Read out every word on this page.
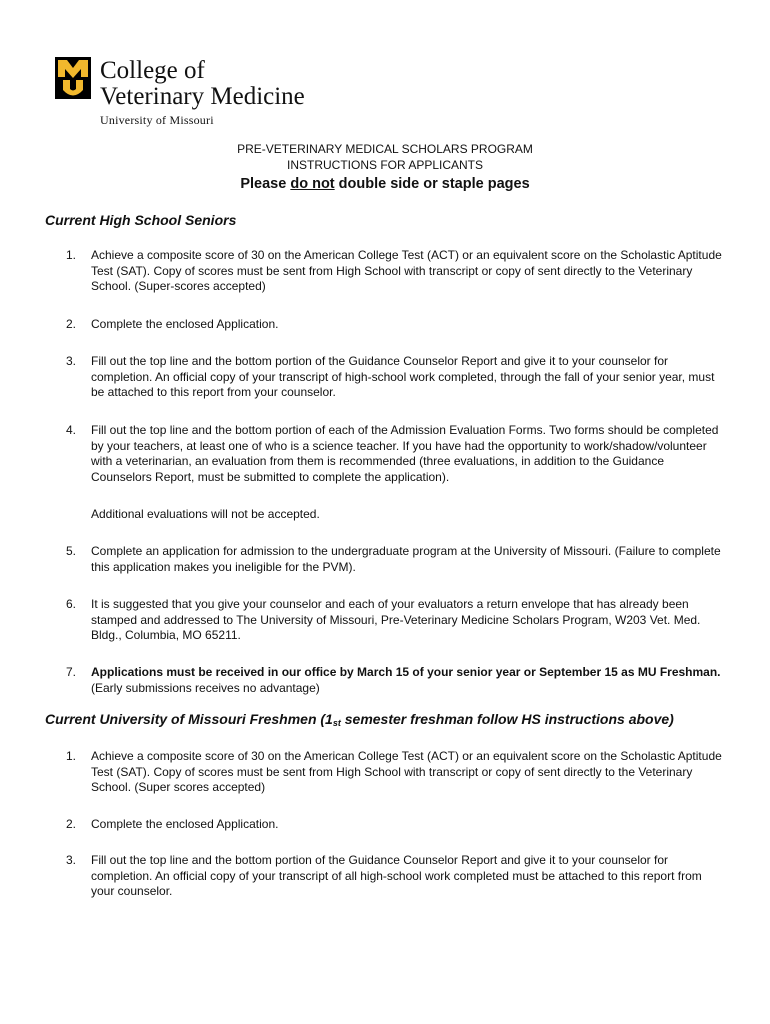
College of
Veterinary Medicine
University of Missouri
PRE-VETERINARY MEDICAL SCHOLARS PROGRAM
INSTRUCTIONS FOR APPLICANTS
Please do not double side or staple pages
Current High School Seniors
1. Achieve a composite score of 30 on the American College Test (ACT) or an equivalent score on the Scholastic Aptitude Test (SAT). Copy of scores must be sent from High School with transcript or copy of sent directly to the Veterinary School. (Super-scores accepted)
2. Complete the enclosed Application.
3. Fill out the top line and the bottom portion of the Guidance Counselor Report and give it to your counselor for completion. An official copy of your transcript of high-school work completed, through the fall of your senior year, must be attached to this report from your counselor.
4. Fill out the top line and the bottom portion of each of the Admission Evaluation Forms. Two forms should be completed by your teachers, at least one of who is a science teacher. If you have had the opportunity to work/shadow/volunteer with a veterinarian, an evaluation from them is recommended (three evaluations, in addition to the Guidance Counselors Report, must be submitted to complete the application).
Additional evaluations will not be accepted.
5. Complete an application for admission to the undergraduate program at the University of Missouri. (Failure to complete this application makes you ineligible for the PVM).
6. It is suggested that you give your counselor and each of your evaluators a return envelope that has already been stamped and addressed to The University of Missouri, Pre-Veterinary Medicine Scholars Program, W203 Vet. Med. Bldg., Columbia, MO 65211.
7. Applications must be received in our office by March 15 of your senior year or September 15 as MU Freshman. (Early submissions receives no advantage)
Current University of Missouri Freshmen ($1_{st}$ semester freshman follow HS instructions above)
1. Achieve a composite score of 30 on the American College Test (ACT) or an equivalent score on the Scholastic Aptitude Test (SAT). Copy of scores must be sent from High School with transcript or copy of sent directly to the Veterinary School. (Super scores accepted)
2. Complete the enclosed Application.
3. Fill out the top line and the bottom portion of the Guidance Counselor Report and give it to your counselor for completion. An official copy of your transcript of all high-school work completed must be attached to this report from your counselor.
